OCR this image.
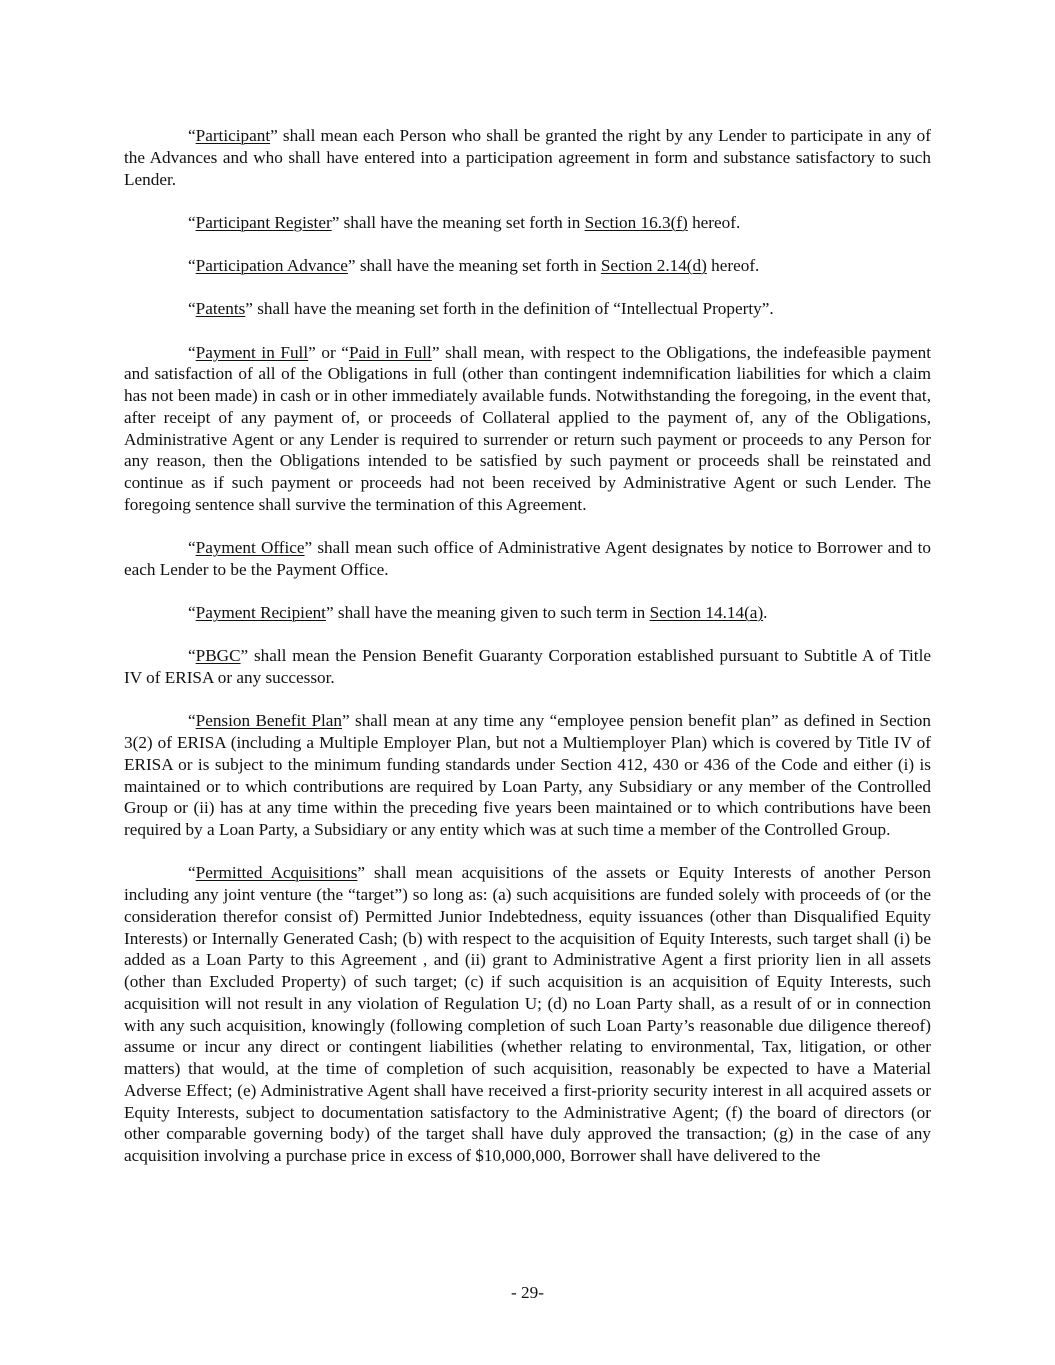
“Participant” shall mean each Person who shall be granted the right by any Lender to participate in any of the Advances and who shall have entered into a participation agreement in form and substance satisfactory to such Lender.

“Participant Register” shall have the meaning set forth in Section 16.3(f) hereof.

“Participation Advance” shall have the meaning set forth in Section 2.14(d) hereof.

“Patents” shall have the meaning set forth in the definition of “Intellectual Property”.

“Payment in Full” or “Paid in Full” shall mean, with respect to the Obligations, the indefeasible payment and satisfaction of all of the Obligations in full (other than contingent indemnification liabilities for which a claim has not been made) in cash or in other immediately available funds. Notwithstanding the foregoing, in the event that, after receipt of any payment of, or proceeds of Collateral applied to the payment of, any of the Obligations, Administrative Agent or any Lender is required to surrender or return such payment or proceeds to any Person for any reason, then the Obligations intended to be satisfied by such payment or proceeds shall be reinstated and continue as if such payment or proceeds had not been received by Administrative Agent or such Lender. The foregoing sentence shall survive the termination of this Agreement.

“Payment Office” shall mean such office of Administrative Agent designates by notice to Borrower and to each Lender to be the Payment Office.

“Payment Recipient” shall have the meaning given to such term in Section 14.14(a).

“PBGC” shall mean the Pension Benefit Guaranty Corporation established pursuant to Subtitle A of Title IV of ERISA or any successor.

“Pension Benefit Plan” shall mean at any time any “employee pension benefit plan” as defined in Section 3(2) of ERISA (including a Multiple Employer Plan, but not a Multiemployer Plan) which is covered by Title IV of ERISA or is subject to the minimum funding standards under Section 412, 430 or 436 of the Code and either (i) is maintained or to which contributions are required by Loan Party, any Subsidiary or any member of the Controlled Group or (ii) has at any time within the preceding five years been maintained or to which contributions have been required by a Loan Party, a Subsidiary or any entity which was at such time a member of the Controlled Group.

“Permitted Acquisitions” shall mean acquisitions of the assets or Equity Interests of another Person including any joint venture (the “target”) so long as: (a) such acquisitions are funded solely with proceeds of (or the consideration therefor consist of) Permitted Junior Indebtedness, equity issuances (other than Disqualified Equity Interests) or Internally Generated Cash; (b) with respect to the acquisition of Equity Interests, such target shall (i) be added as a Loan Party to this Agreement , and (ii) grant to Administrative Agent a first priority lien in all assets (other than Excluded Property) of such target; (c) if such acquisition is an acquisition of Equity Interests, such acquisition will not result in any violation of Regulation U; (d) no Loan Party shall, as a result of or in connection with any such acquisition, knowingly (following completion of such Loan Party’s reasonable due diligence thereof) assume or incur any direct or contingent liabilities (whether relating to environmental, Tax, litigation, or other matters) that would, at the time of completion of such acquisition, reasonably be expected to have a Material Adverse Effect; (e) Administrative Agent shall have received a first-priority security interest in all acquired assets or Equity Interests, subject to documentation satisfactory to the Administrative Agent; (f) the board of directors (or other comparable governing body) of the target shall have duly approved the transaction; (g) in the case of any acquisition involving a purchase price in excess of $10,000,000, Borrower shall have delivered to the

- 29-
